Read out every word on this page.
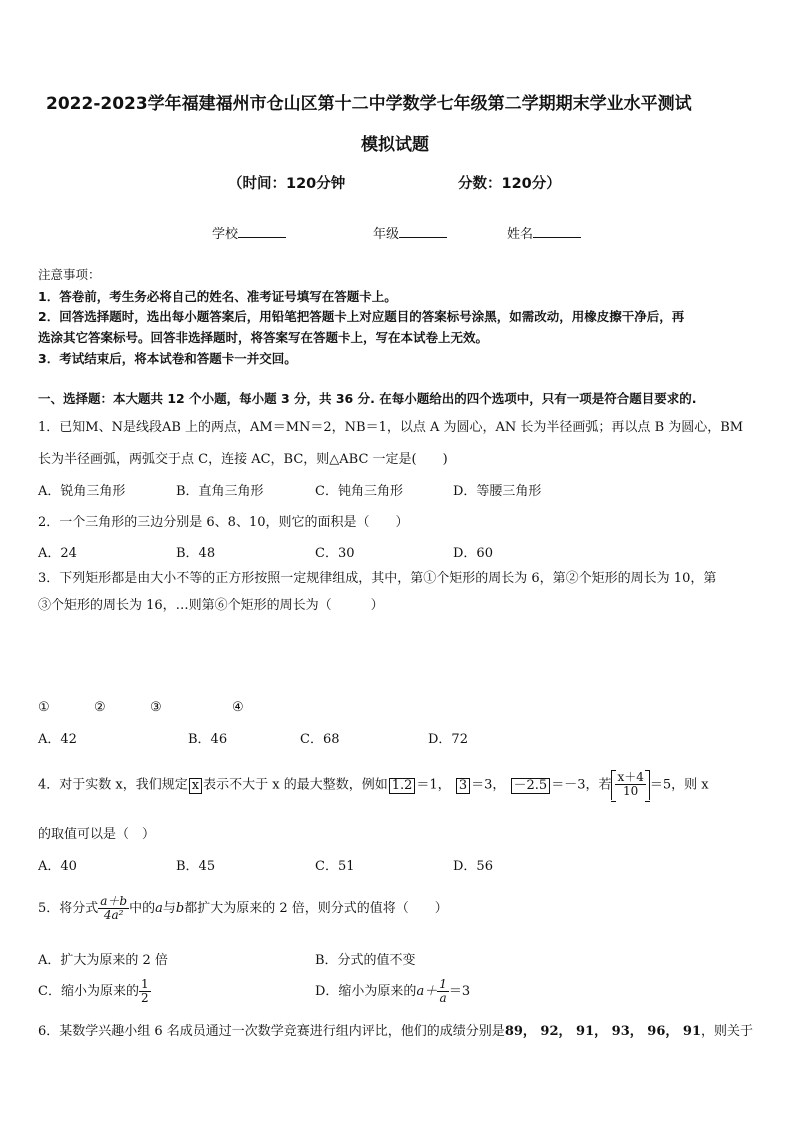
2022-2023学年福建福州市仓山区第十二中学数学七年级第二学期期末学业水平测试
模拟试题
（时间：120分钟	分数：120分）
学校	年级	姓名
注意事项：
1．答卷前，考生务必将自己的姓名、准考证号填写在答题卡上。
2．回答选择题时，选出每小题答案后，用铅笔把答题卡上对应题目的答案标号涂黑，如需改动，用橡皮擦干净后，再
选涂其它答案标号。回答非选择题时，将答案写在答题卡上，写在本试卷上无效。
3．考试结束后，将本试卷和答题卡一并交回。
一、选择题：本大题共 12 个小题，每小题 3 分，共 36 分. 在每小题给出的四个选项中，只有一项是符合题目要求的.
1．已知M、N是线段AB 上的两点，AM＝MN＝2，NB＝1，以点 A 为圆心，AN 长为半径画弧；再以点 B 为圆心，BM
长为半径画弧，两弧交于点 C，连接 AC，BC，则△ABC 一定是(　　)
A．锐角三角形	B．直角三角形	C．钝角三角形	D．等腰三角形
2．一个三角形的三边分别是 6、8、10，则它的面积是（　　）
A．24	B．48	C．30	D．60
3．下列矩形都是由大小不等的正方形按照一定规律组成，其中，第①个矩形的周长为 6，第②个矩形的周长为 10，第
③个矩形的周长为 16，…则第⑥个矩形的周长为（　　　）
①	②	③	④
A．42	B．46	C．68	D．72
4．对于实数 x，我们规定 x 表示不大于 x 的最大整数，例如 1.2 ＝1， 3 ＝3， －2.5 ＝－3，若 $\frac{x+4}{10} =5$，则 x
的取值可以是（　）
A．40	B．45	C．51	D．56
5．将分式 $\frac{a+b}{\text{4a²}}$ 中的a与b都扩大为原来的 2 倍，则分式的值将（　　）
A．扩大为原来的 2 倍	B．分式的值不变
C．缩小为原来的 $\frac{1}{2}$	D．缩小为原来的$a+ \frac{1}{a} =3$
6．某数学兴趣小组 6 名成员通过一次数学竞赛进行组内评比，他们的成绩分别是89， 92， 91， 93， 96， 91，则关于
